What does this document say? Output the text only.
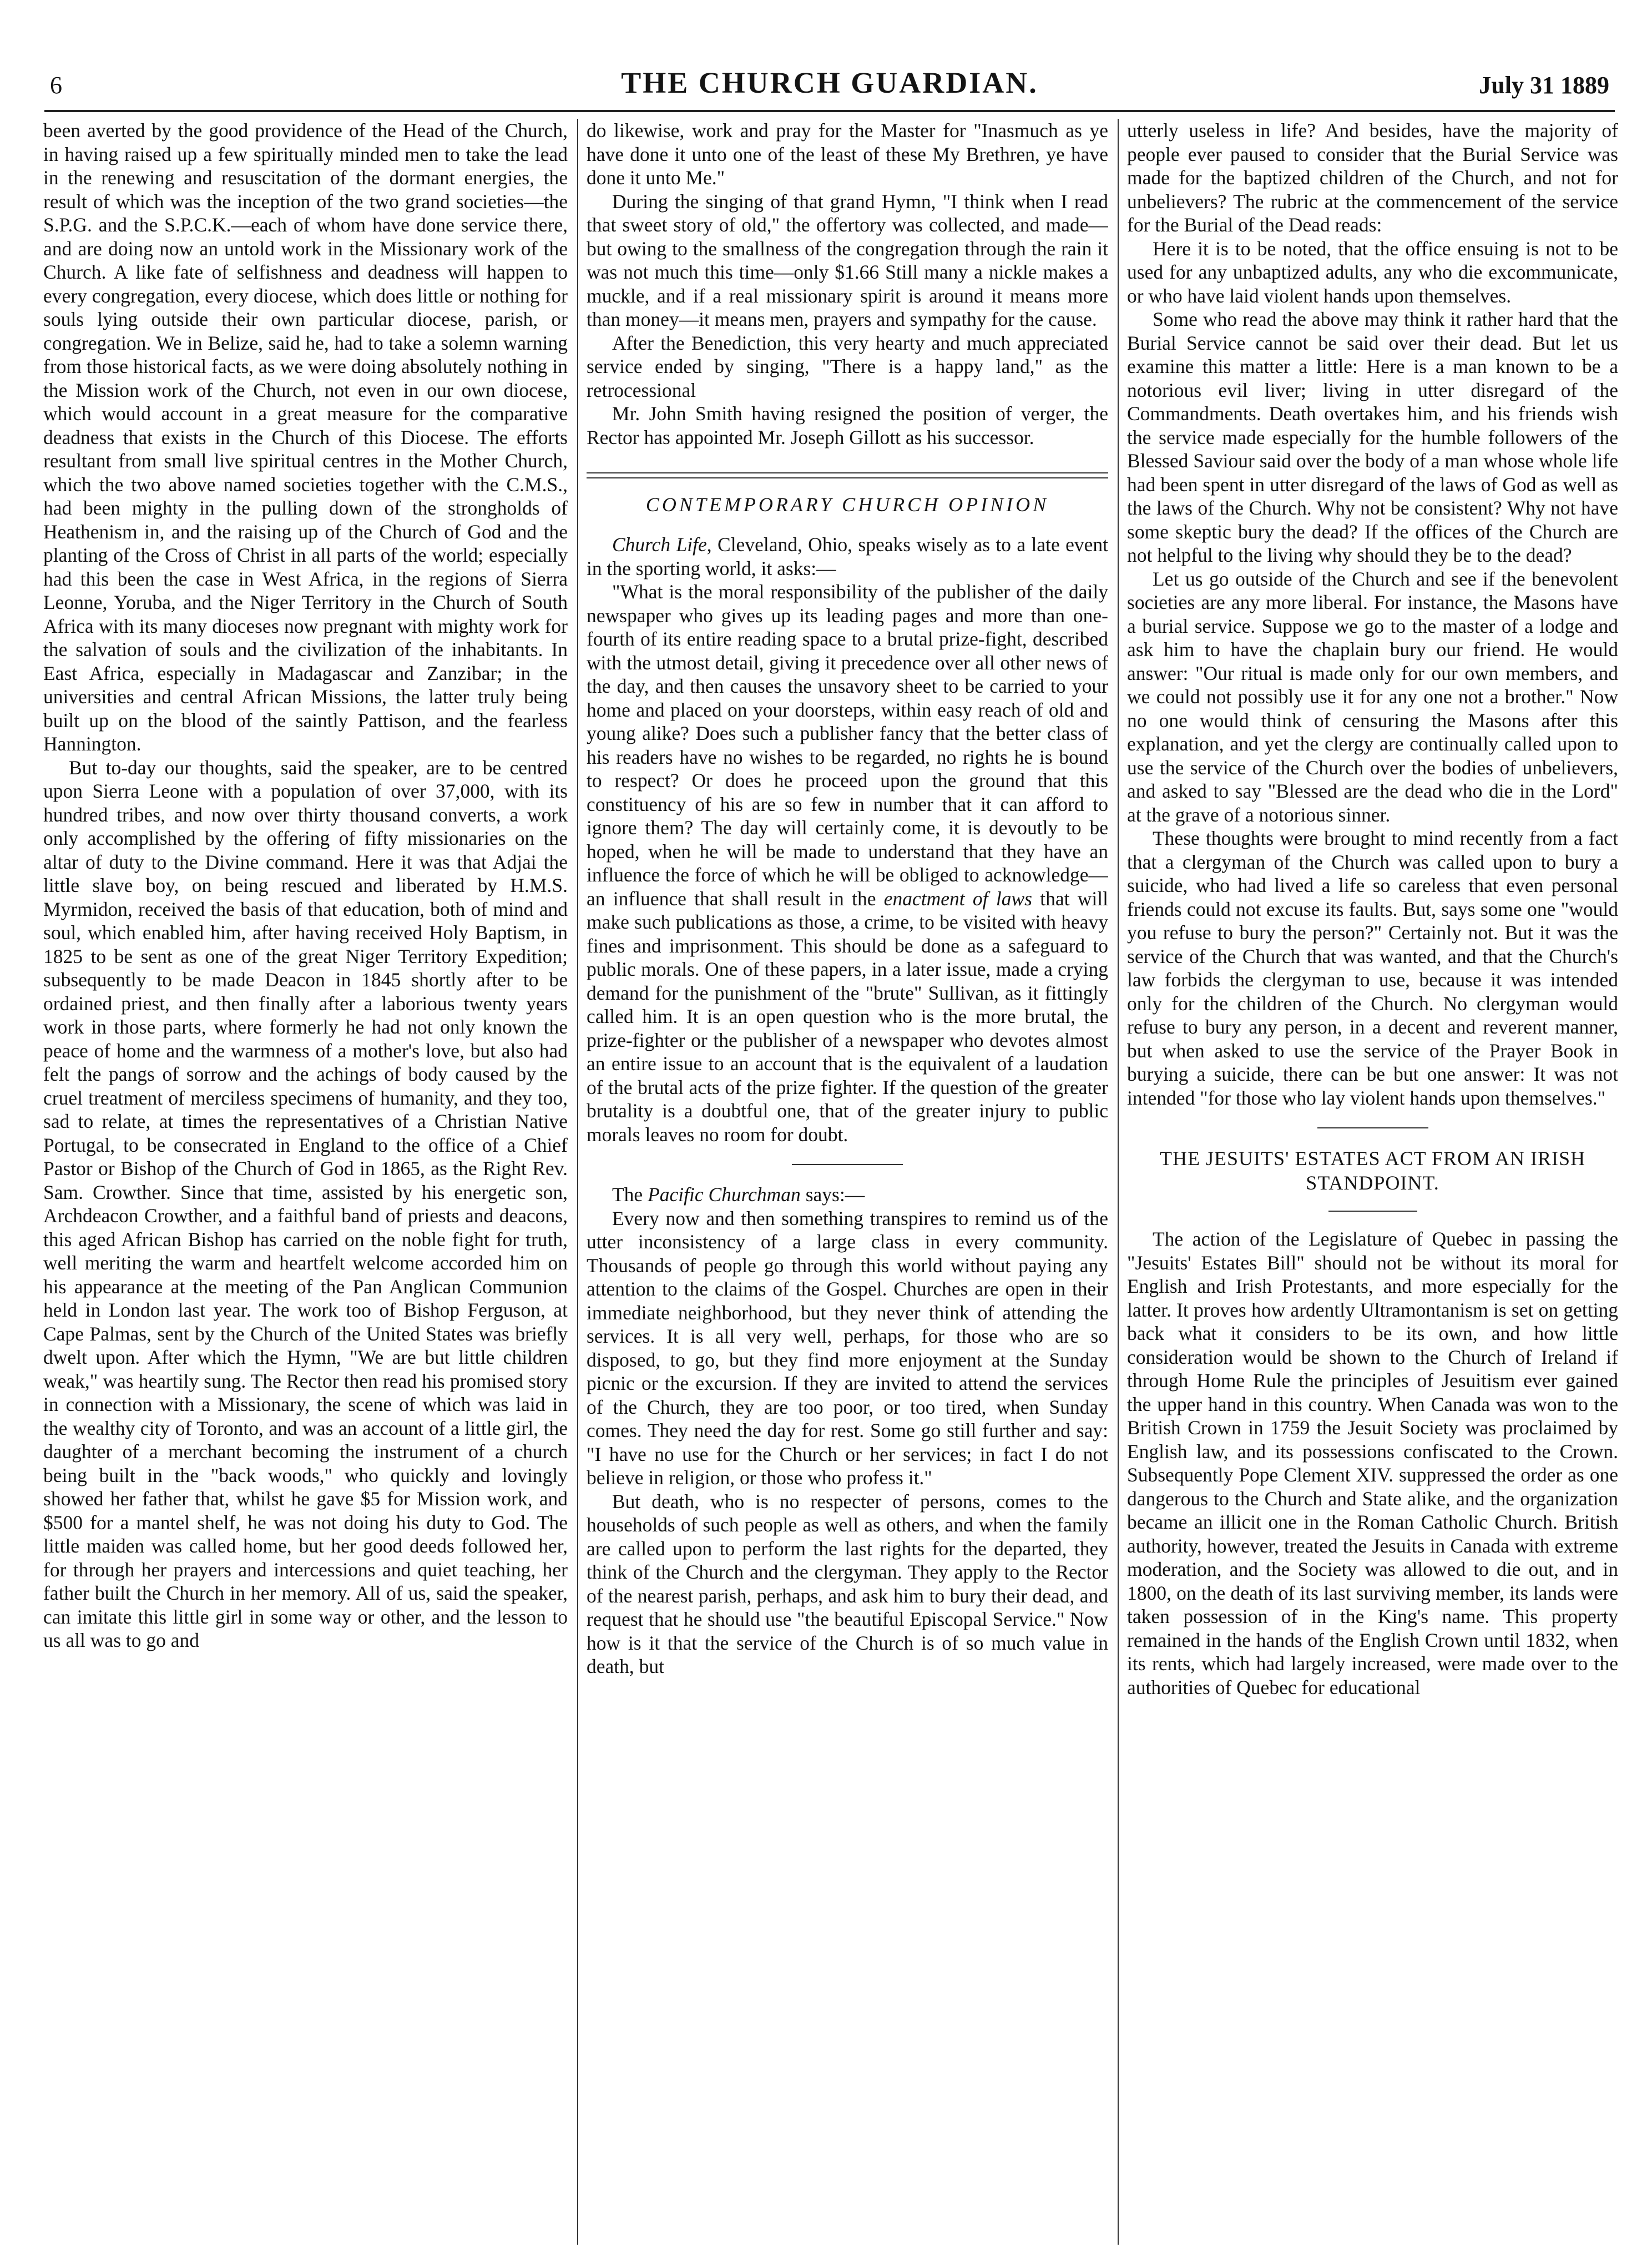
6	THE CHURCH GUARDIAN.	July 31 1889

been averted by the good providence of the Head of the Church, in having raised up a few spiritually minded men to take the lead in the renewing and resuscitation of the dormant energies, the result of which was the inception of the two grand societies—the S.P.G. and the S.P.C.K.—each of whom have done service there, and are doing now an untold work in the Missionary work of the Church. A like fate of selfishness and deadness will happen to every congregation, every diocese, which does little or nothing for souls lying outside their own particular diocese, parish, or congregation. We in Belize, said he, had to take a solemn warning from those historical facts, as we were doing absolutely nothing in the Mission work of the Church, not even in our own diocese, which would account in a great measure for the comparative deadness that exists in the Church of this Diocese. The efforts resultant from small live spiritual centres in the Mother Church, which the two above named societies together with the C.M.S., had been mighty in the pulling down of the strongholds of Heathenism in, and the raising up of the Church of God and the planting of the Cross of Christ in all parts of the world; especially had this been the case in West Africa, in the regions of Sierra Leonne, Yoruba, and the Niger Territory in the Church of South Africa with its many dioceses now pregnant with mighty work for the salvation of souls and the civilization of the inhabitants. In East Africa, especially in Madagascar and Zanzibar; in the universities and central African Missions, the latter truly being built up on the blood of the saintly Pattison, and the fearless Hannington.

But to-day our thoughts, said the speaker, are to be centred upon Sierra Leone with a population of over 37,000, with its hundred tribes, and now over thirty thousand converts, a work only accomplished by the offering of fifty missionaries on the altar of duty to the Divine command. Here it was that Adjai the little slave boy, on being rescued and liberated by H.M.S. Myrmidon, received the basis of that education, both of mind and soul, which enabled him, after having received Holy Baptism, in 1825 to be sent as one of the great Niger Territory Expedition; subsequently to be made Deacon in 1845 shortly after to be ordained priest, and then finally after a laborious twenty years work in those parts, where formerly he had not only known the peace of home and the warmness of a mother's love, but also had felt the pangs of sorrow and the achings of body caused by the cruel treatment of merciless specimens of humanity, and they too, sad to relate, at times the representatives of a Christian Native Portugal, to be consecrated in England to the office of a Chief Pastor or Bishop of the Church of God in 1865, as the Right Rev. Sam. Crowther. Since that time, assisted by his energetic son, Archdeacon Crowther, and a faithful band of priests and deacons, this aged African Bishop has carried on the noble fight for truth, well meriting the warm and heartfelt welcome accorded him on his appearance at the meeting of the Pan Anglican Communion held in London last year. The work too of Bishop Ferguson, at Cape Palmas, sent by the Church of the United States was briefly dwelt upon. After which the Hymn, "We are but little children weak," was heartily sung. The Rector then read his promised story in connection with a Missionary, the scene of which was laid in the wealthy city of Toronto, and was an account of a little girl, the daughter of a merchant becoming the instrument of a church being built in the "back woods," who quickly and lovingly showed her father that, whilst he gave $5 for Mission work, and $500 for a mantel shelf, he was not doing his duty to God. The little maiden was called home, but her good deeds followed her, for through her prayers and intercessions and quiet teaching, her father built the Church in her memory. All of us, said the speaker, can imitate this little girl in some way or other, and the lesson to us all was to go and

do likewise, work and pray for the Master for "Inasmuch as ye have done it unto one of the least of these My Brethren, ye have done it unto Me."

During the singing of that grand Hymn, "I think when I read that sweet story of old," the offertory was collected, and made—but owing to the smallness of the congregation through the rain it was not much this time—only $1.66 Still many a nickle makes a muckle, and if a real missionary spirit is around it means more than money—it means men, prayers and sympathy for the cause.

After the Benediction, this very hearty and much appreciated service ended by singing, "There is a happy land," as the retrocessional

Mr. John Smith having resigned the position of verger, the Rector has appointed Mr. Joseph Gillott as his successor.

CONTEMPORARY CHURCH OPINION

Church Life, Cleveland, Ohio, speaks wisely as to a late event in the sporting world, it asks:—

"What is the moral responsibility of the publisher of the daily newspaper who gives up its leading pages and more than one-fourth of its entire reading space to a brutal prize-fight, described with the utmost detail, giving it precedence over all other news of the day, and then causes the unsavory sheet to be carried to your home and placed on your doorsteps, within easy reach of old and young alike? Does such a publisher fancy that the better class of his readers have no wishes to be regarded, no rights he is bound to respect? Or does he proceed upon the ground that this constituency of his are so few in number that it can afford to ignore them? The day will certainly come, it is devoutly to be hoped, when he will be made to understand that they have an influence the force of which he will be obliged to acknowledge—an influence that shall result in the enactment of laws that will make such publications as those, a crime, to be visited with heavy fines and imprisonment. This should be done as a safeguard to public morals. One of these papers, in a later issue, made a crying demand for the punishment of the "brute" Sullivan, as it fittingly called him. It is an open question who is the more brutal, the prize-fighter or the publisher of a newspaper who devotes almost an entire issue to an account that is the equivalent of a laudation of the brutal acts of the prize fighter. If the question of the greater brutality is a doubtful one, that of the greater injury to public morals leaves no room for doubt.

The Pacific Churchman says:—

Every now and then something transpires to remind us of the utter inconsistency of a large class in every community. Thousands of people go through this world without paying any attention to the claims of the Gospel. Churches are open in their immediate neighborhood, but they never think of attending the services. It is all very well, perhaps, for those who are so disposed, to go, but they find more enjoyment at the Sunday picnic or the excursion. If they are invited to attend the services of the Church, they are too poor, or too tired, when Sunday comes. They need the day for rest. Some go still further and say: "I have no use for the Church or her services; in fact I do not believe in religion, or those who profess it."

But death, who is no respecter of persons, comes to the households of such people as well as others, and when the family are called upon to perform the last rights for the departed, they think of the Church and the clergyman. They apply to the Rector of the nearest parish, perhaps, and ask him to bury their dead, and request that he should use "the beautiful Episcopal Service." Now how is it that the service of the Church is of so much value in death, but

utterly useless in life? And besides, have the majority of people ever paused to consider that the Burial Service was made for the baptized children of the Church, and not for unbelievers? The rubric at the commencement of the service for the Burial of the Dead reads:

Here it is to be noted, that the office ensuing is not to be used for any unbaptized adults, any who die excommunicate, or who have laid violent hands upon themselves.

Some who read the above may think it rather hard that the Burial Service cannot be said over their dead. But let us examine this matter a little: Here is a man known to be a notorious evil liver; living in utter disregard of the Commandments. Death overtakes him, and his friends wish the service made especially for the humble followers of the Blessed Saviour said over the body of a man whose whole life had been spent in utter disregard of the laws of God as well as the laws of the Church. Why not be consistent? Why not have some skeptic bury the dead? If the offices of the Church are not helpful to the living why should they be to the dead?

Let us go outside of the Church and see if the benevolent societies are any more liberal. For instance, the Masons have a burial service. Suppose we go to the master of a lodge and ask him to have the chaplain bury our friend. He would answer: "Our ritual is made only for our own members, and we could not possibly use it for any one not a brother." Now no one would think of censuring the Masons after this explanation, and yet the clergy are continually called upon to use the service of the Church over the bodies of unbelievers, and asked to say "Blessed are the dead who die in the Lord" at the grave of a notorious sinner.

These thoughts were brought to mind recently from a fact that a clergyman of the Church was called upon to bury a suicide, who had lived a life so careless that even personal friends could not excuse its faults. But, says some one "would you refuse to bury the person?" Certainly not. But it was the service of the Church that was wanted, and that the Church's law forbids the clergyman to use, because it was intended only for the children of the Church. No clergyman would refuse to bury any person, in a decent and reverent manner, but when asked to use the service of the Prayer Book in burying a suicide, there can be but one answer: It was not intended "for those who lay violent hands upon themselves."

THE JESUITS' ESTATES ACT FROM AN IRISH STANDPOINT.

The action of the Legislature of Quebec in passing the "Jesuits' Estates Bill" should not be without its moral for English and Irish Protestants, and more especially for the latter. It proves how ardently Ultramontanism is set on getting back what it considers to be its own, and how little consideration would be shown to the Church of Ireland if through Home Rule the principles of Jesuitism ever gained the upper hand in this country. When Canada was won to the British Crown in 1759 the Jesuit Society was proclaimed by English law, and its possessions confiscated to the Crown. Subsequently Pope Clement XIV. suppressed the order as one dangerous to the Church and State alike, and the organization became an illicit one in the Roman Catholic Church. British authority, however, treated the Jesuits in Canada with extreme moderation, and the Society was allowed to die out, and in 1800, on the death of its last surviving member, its lands were taken possession of in the King's name. This property remained in the hands of the English Crown until 1832, when its rents, which had largely increased, were made over to the authorities of Quebec for educational
